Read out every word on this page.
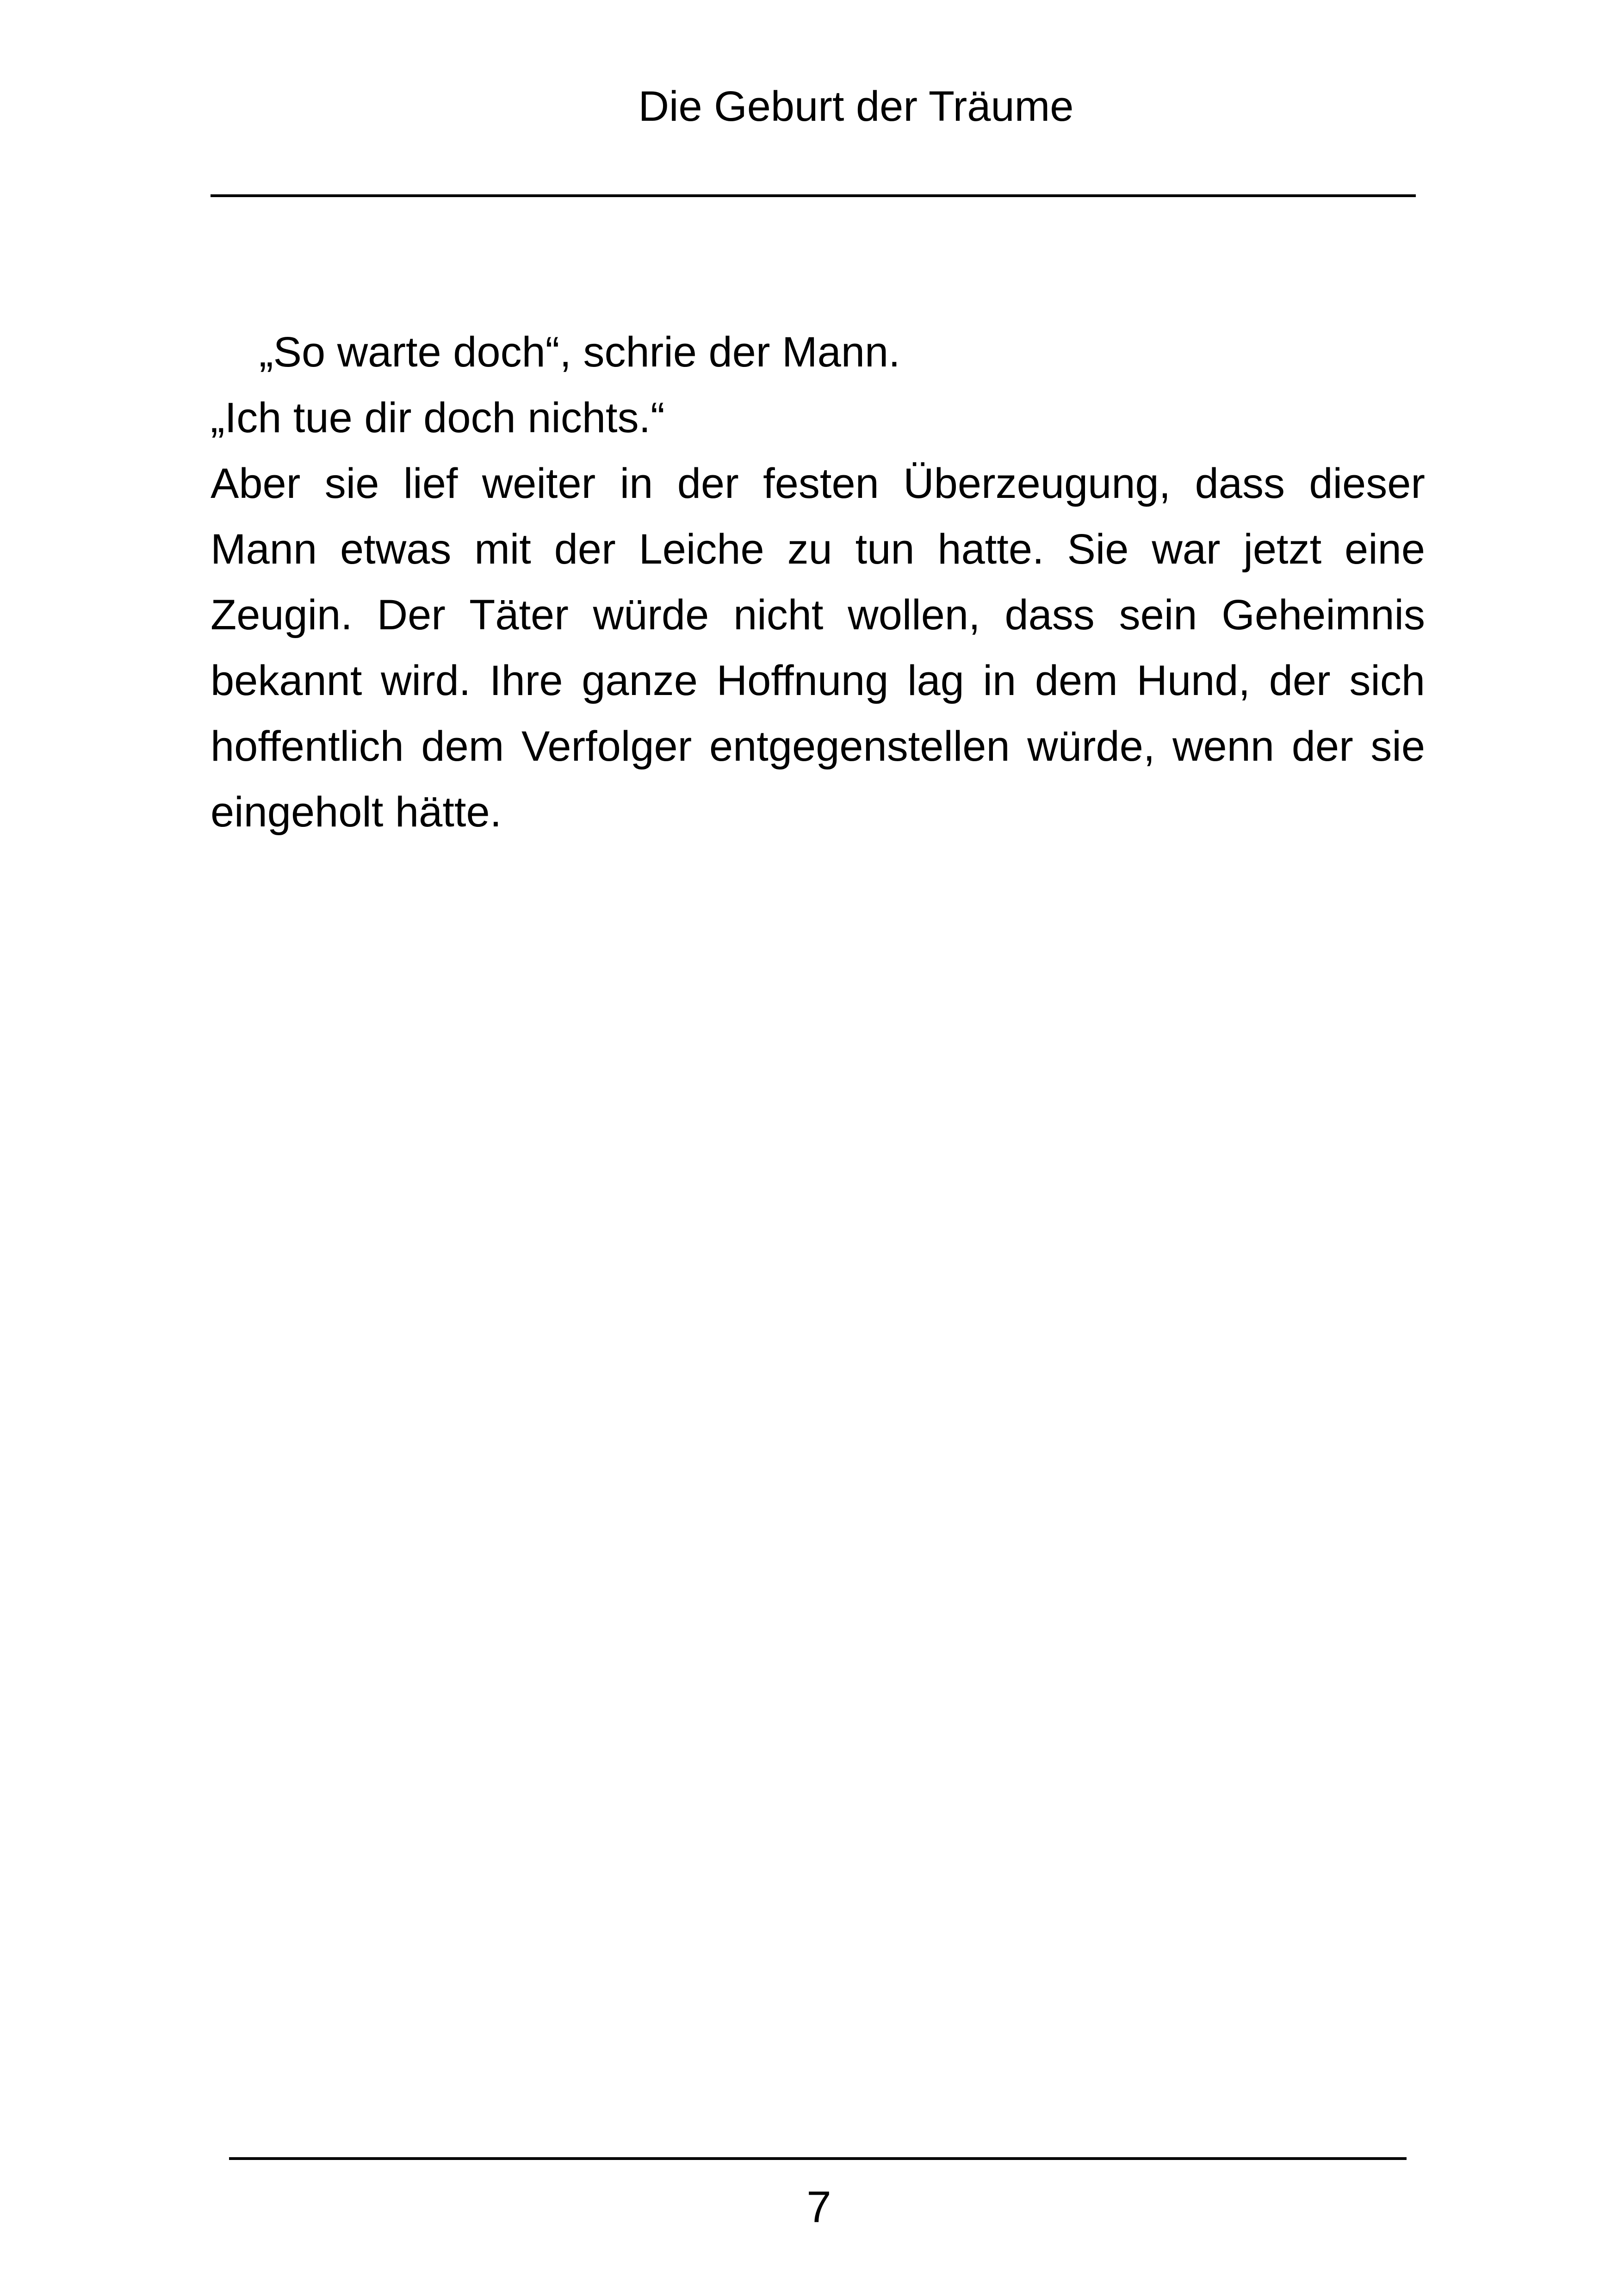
Die Geburt der Träume

„So warte doch“, schrie der Mann.

„Ich tue dir doch nichts.“

Aber sie lief weiter in der festen Überzeugung, dass dieser Mann etwas mit der Leiche zu tun hatte. Sie war jetzt eine Zeugin. Der Täter würde nicht wollen, dass sein Geheimnis bekannt wird. Ihre ganze Hoffnung lag in dem Hund, der sich hoffentlich dem Verfolger entgegenstellen würde, wenn der sie eingeholt hätte.

7
